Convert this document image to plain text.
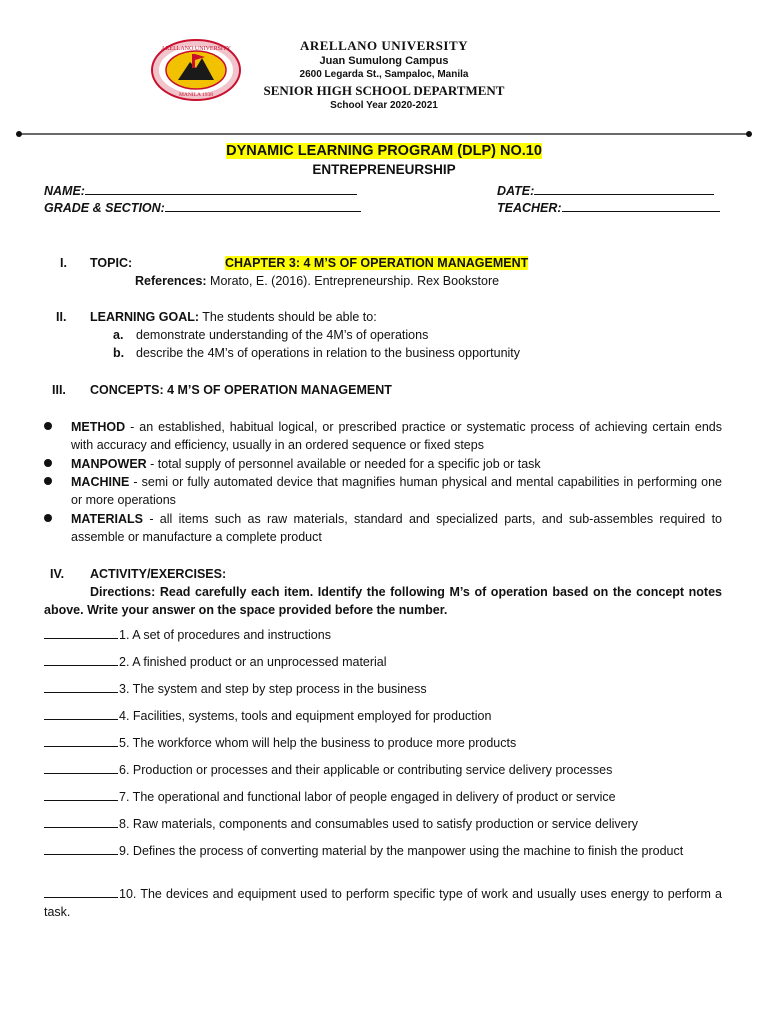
ARELLANO UNIVERSITY
MANILA 1938
ARELLANO UNIVERSITY
Juan Sumulong Campus
2600 Legarda St., Sampaloc, Manila
SENIOR HIGH SCHOOL DEPARTMENT
School Year 2020-2021
DYNAMIC LEARNING PROGRAM (DLP) NO.10
ENTREPRENEURSHIP
NAME:
GRADE & SECTION:
DATE:
TEACHER:
I. TOPIC:	CHAPTER 3: 4 M’S OF OPERATION MANAGEMENT
References: Morato, E. (2016). Entrepreneurship. Rex Bookstore
II. LEARNING GOAL: The students should be able to:
a. demonstrate understanding of the 4M’s of operations
b. describe the 4M’s of operations in relation to the business opportunity
III. CONCEPTS: 4 M’S OF OPERATION MANAGEMENT
METHOD - an established, habitual logical, or prescribed practice or systematic process of achieving certain ends with accuracy and efficiency, usually in an ordered sequence or fixed steps
MANPOWER - total supply of personnel available or needed for a specific job or task
MACHINE - semi or fully automated device that magnifies human physical and mental capabilities in performing one or more operations
MATERIALS - all items such as raw materials, standard and specialized parts, and sub-assembles required to assemble or manufacture a complete product
IV. ACTIVITY/EXERCISES:
Directions: Read carefully each item. Identify the following M’s of operation based on the concept notes above. Write your answer on the space provided before the number.
1. A set of procedures and instructions
2. A finished product or an unprocessed material
3. The system and step by step process in the business
4. Facilities, systems, tools and equipment employed for production
5. The workforce whom will help the business to produce more products
6. Production or processes and their applicable or contributing service delivery processes
7. The operational and functional labor of people engaged in delivery of product or service
8. Raw materials, components and consumables used to satisfy production or service delivery
9. Defines the process of converting material by the manpower using the machine to finish the product
10. The devices and equipment used to perform specific type of work and usually uses energy to perform a task.
